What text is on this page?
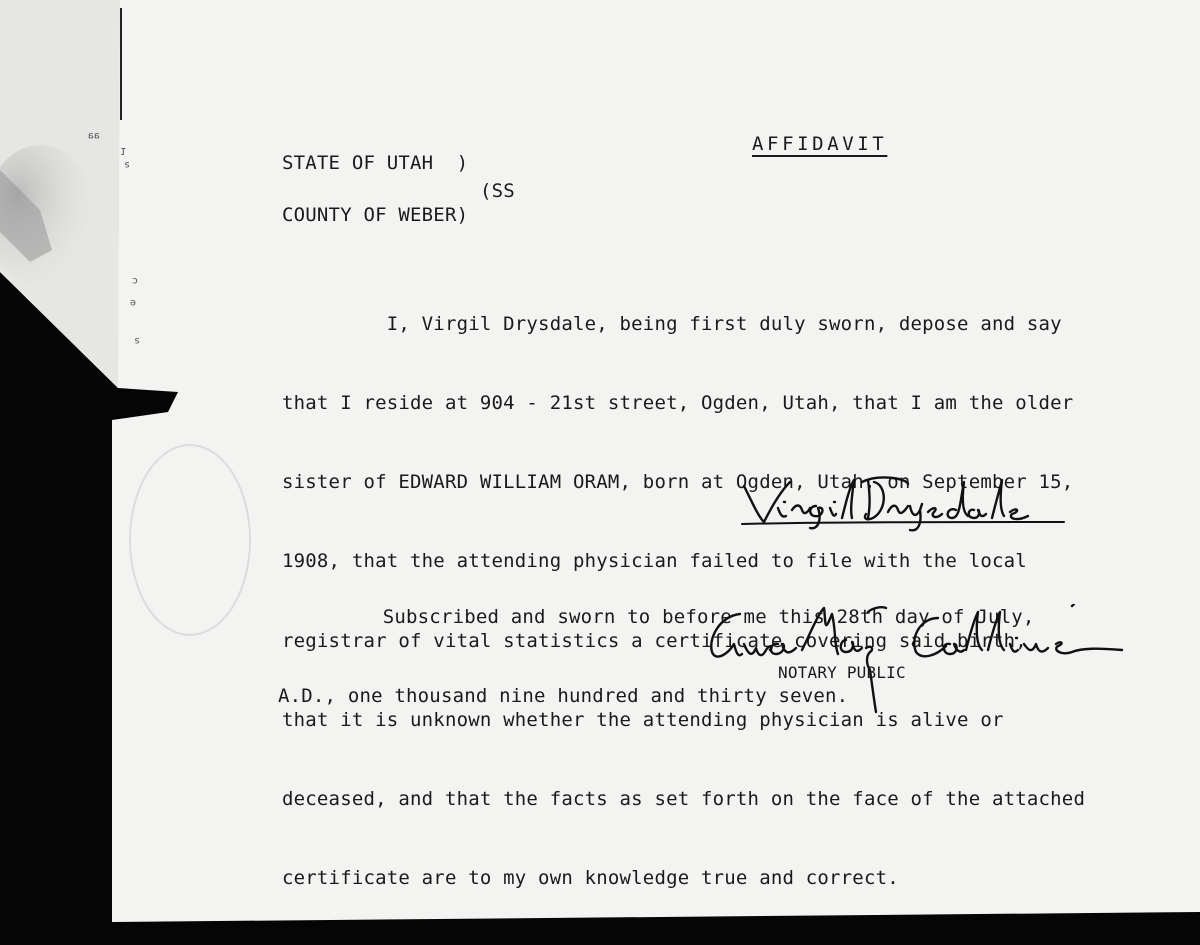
ɐɐ
1
ƨ
ɔ
ɘ
ƨ
AFFIDAVIT
STATE OF UTAH  )
(SS
COUNTY OF WEBER)

I, Virgil Drysdale, being first duly sworn, depose and say

that I reside at 904 - 21st street, Ogden, Utah, that I am the older

sister of EDWARD WILLIAM ORAM, born at Ogden, Utah, on September 15,

1908, that the attending physician failed to file with the local

registrar of vital statistics a certificate covering said birth,

that it is unknown whether the attending physician is alive or

deceased, and that the facts as set forth on the face of the attached

certificate are to my own knowledge true and correct.

Subscribed and sworn to before me this 28th day of July,

A.D., one thousand nine hundred and thirty seven.

NOTARY PUBLIC
